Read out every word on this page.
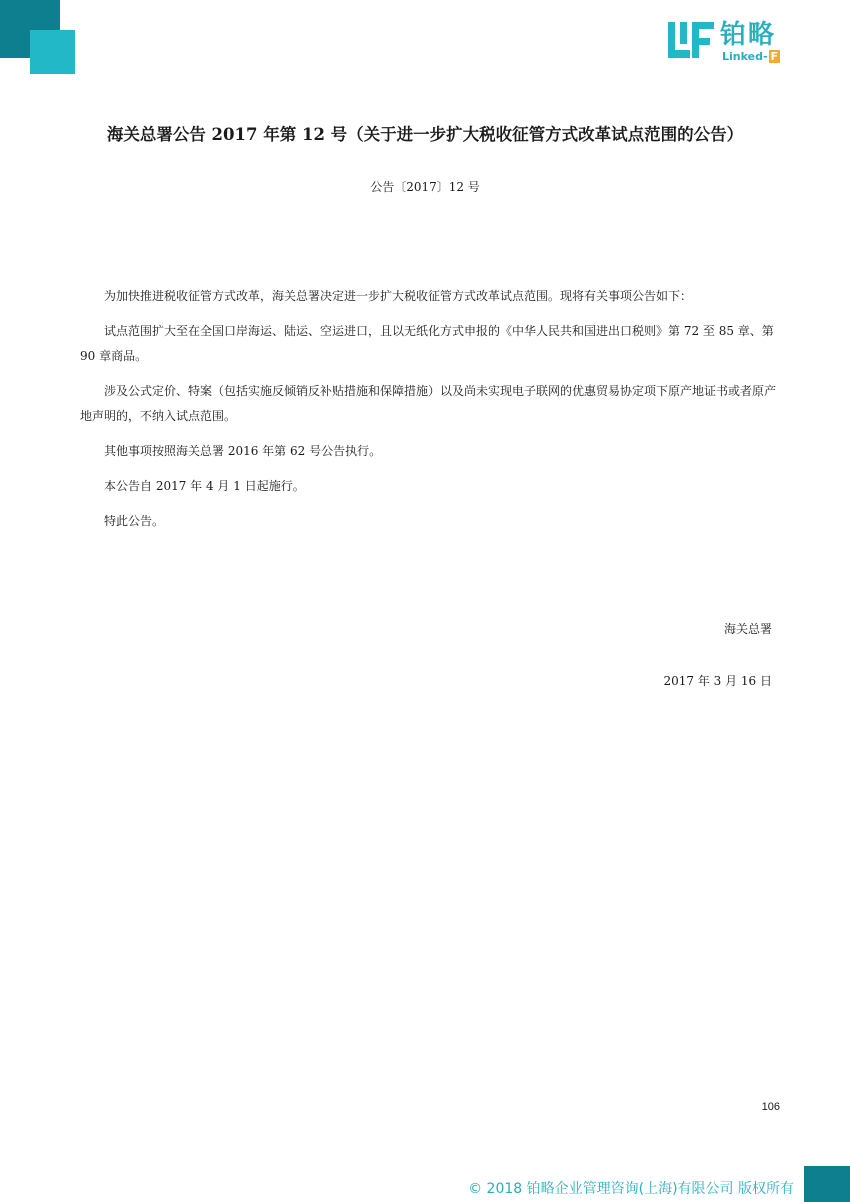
铂略
Linked- F
海关总署公告 2017 年第 12 号（关于进一步扩大税收征管方式改革试点范围的公告）
公告〔2017〕12 号

为加快推进税收征管方式改革，海关总署决定进一步扩大税收征管方式改革试点范围。现将有关事项公告如下：

试点范围扩大至在全国口岸海运、陆运、空运进口，且以无纸化方式申报的《中华人民共和国进出口税则》第 72 至 85 章、第 90 章商品。

涉及公式定价、特案（包括实施反倾销反补贴措施和保障措施）以及尚未实现电子联网的优惠贸易协定项下原产地证书或者原产地声明的，不纳入试点范围。

其他事项按照海关总署 2016 年第 62 号公告执行。

本公告自 2017 年 4 月 1 日起施行。

特此公告。

海关总署
2017 年 3 月 16 日
106
© 2018 铂略企业管理咨询(上海)有限公司 版权所有
